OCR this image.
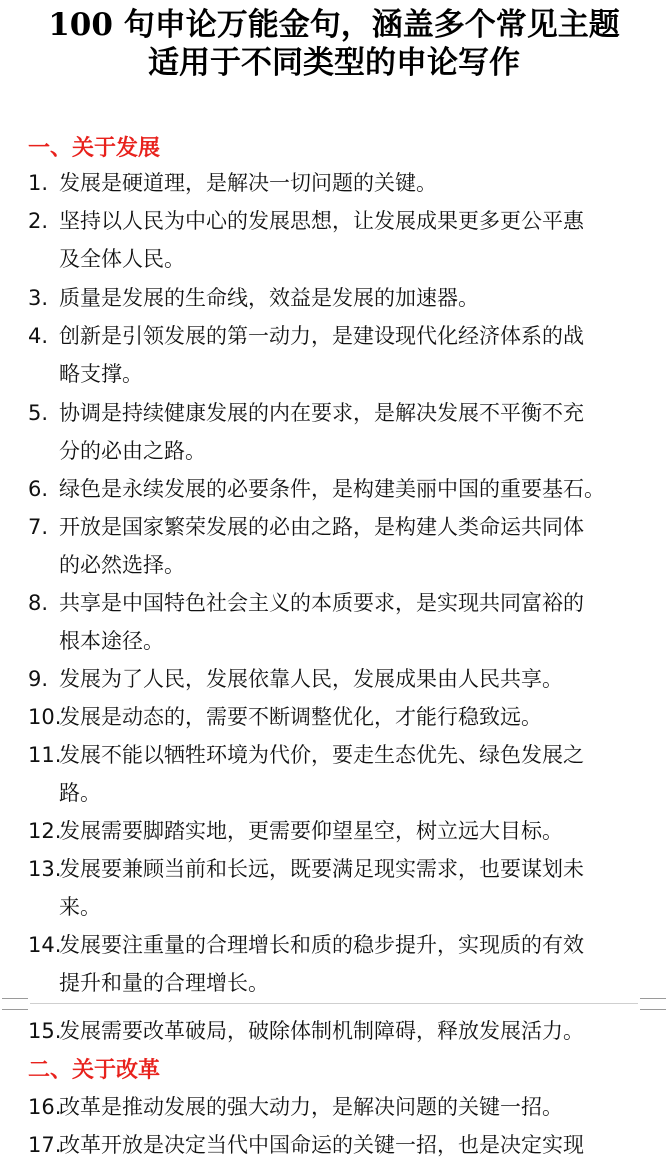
100 句申论万能金句，涵盖多个常见主题
适用于不同类型的申论写作
一、关于发展
1. 发展是硬道理，是解决一切问题的关键。
2. 坚持以人民为中心的发展思想，让发展成果更多更公平惠
及全体人民。
3. 质量是发展的生命线，效益是发展的加速器。
4. 创新是引领发展的第一动力，是建设现代化经济体系的战
略支撑。
5. 协调是持续健康发展的内在要求，是解决发展不平衡不充
分的必由之路。
6. 绿色是永续发展的必要条件，是构建美丽中国的重要基石。
7. 开放是国家繁荣发展的必由之路，是构建人类命运共同体
的必然选择。
8. 共享是中国特色社会主义的本质要求，是实现共同富裕的
根本途径。
9. 发展为了人民，发展依靠人民，发展成果由人民共享。
10.发展是动态的，需要不断调整优化，才能行稳致远。
11.发展不能以牺牲环境为代价，要走生态优先、绿色发展之
路。
12.发展需要脚踏实地，更需要仰望星空，树立远大目标。
13.发展要兼顾当前和长远，既要满足现实需求，也要谋划未
来。
14.发展要注重量的合理增长和质的稳步提升，实现质的有效
提升和量的合理增长。
15.发展需要改革破局，破除体制机制障碍，释放发展活力。
二、关于改革
16.改革是推动发展的强大动力，是解决问题的关键一招。
17.改革开放是决定当代中国命运的关键一招，也是决定实现
